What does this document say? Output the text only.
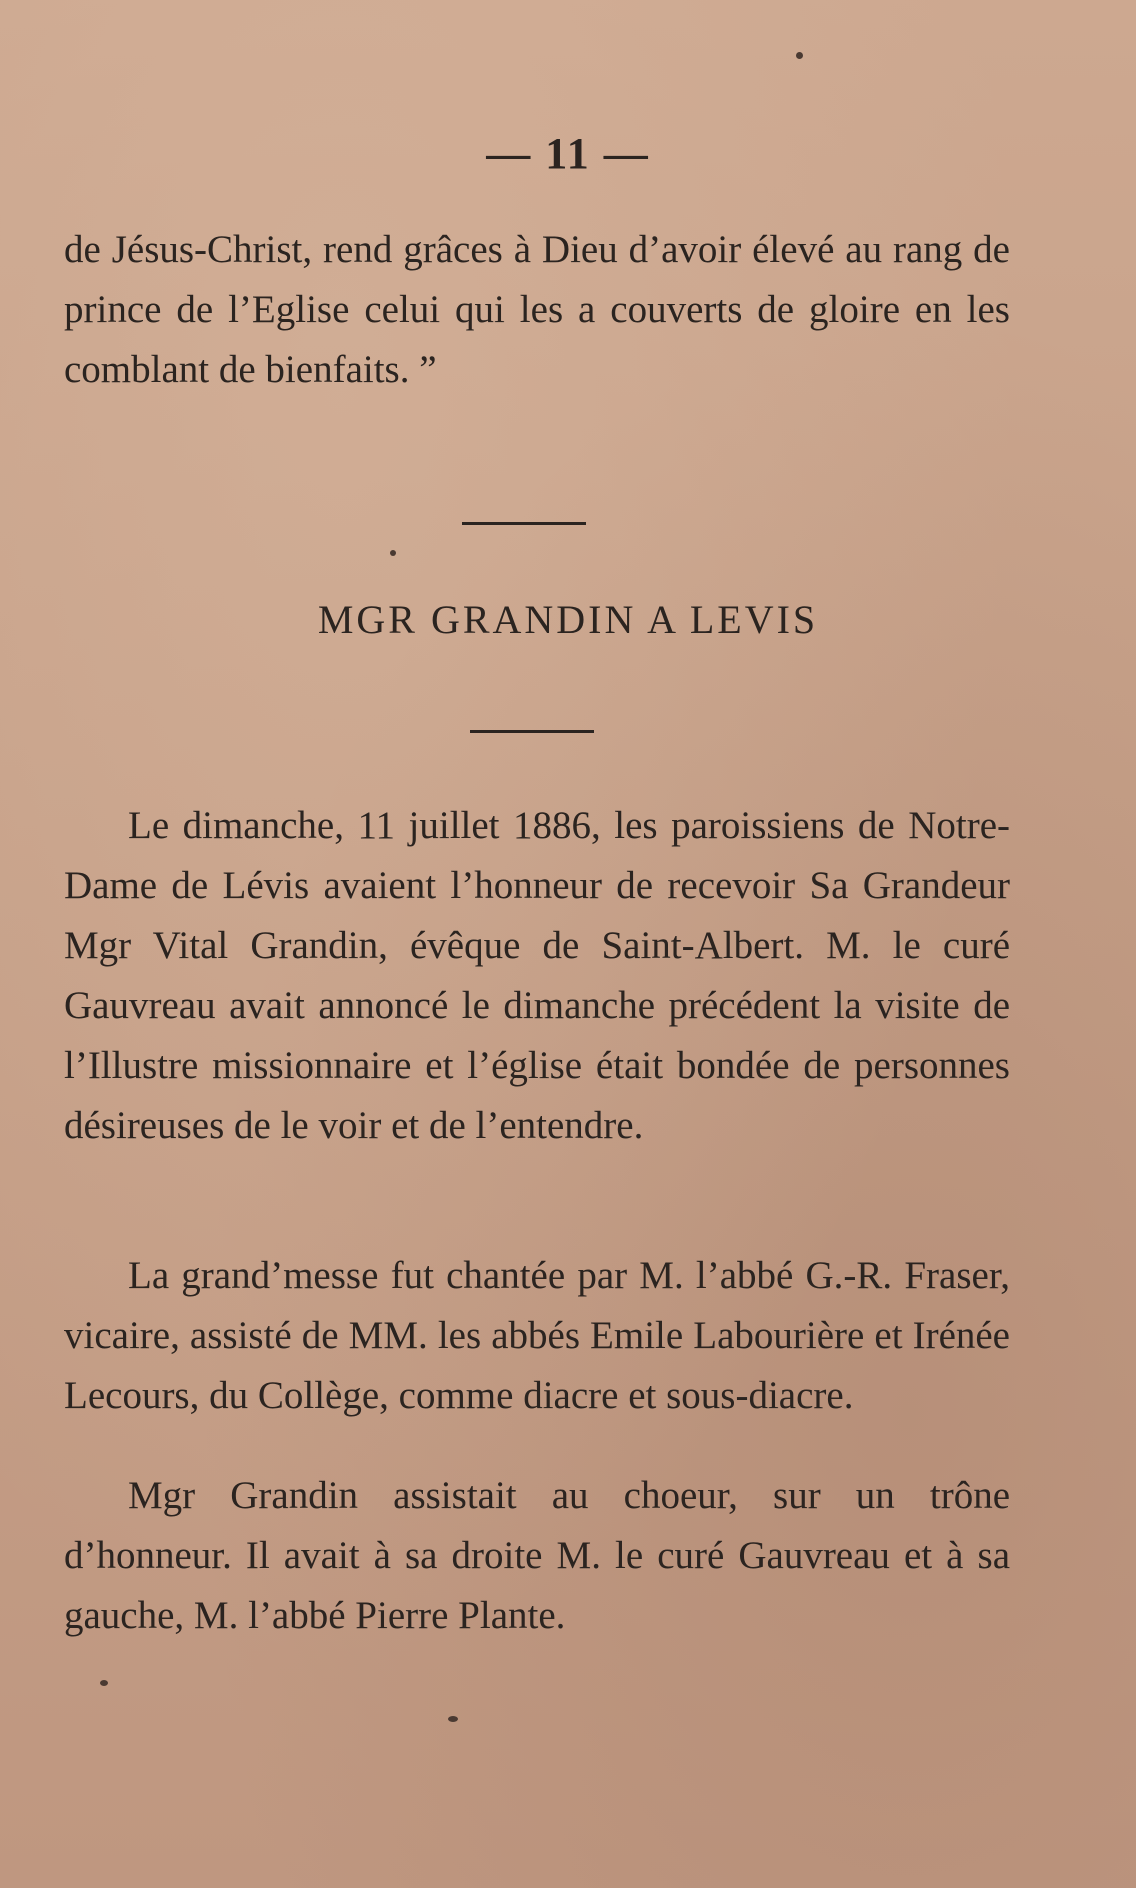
— 11 —

de Jésus-Christ, rend grâces à Dieu d’avoir élevé au rang de prince de l’Eglise celui qui les a couverts de gloire en les comblant de bienfaits. ”

MGR GRANDIN A LEVIS

Le dimanche, 11 juillet 1886, les paroissiens de Notre-Dame de Lévis avaient l’honneur de recevoir Sa Grandeur Mgr Vital Grandin, évêque de Saint-Albert. M. le curé Gauvreau avait annoncé le dimanche précédent la visite de l’Illustre missionnaire et l’église était bondée de personnes désireuses de le voir et de l’entendre.

La grand’messe fut chantée par M. l’abbé G.-R. Fraser, vicaire, assisté de MM. les abbés Emile Labourière et Irénée Lecours, du Collège, comme diacre et sous-diacre.

Mgr Grandin assistait au choeur, sur un trône d’honneur. Il avait à sa droite M. le curé Gauvreau et à sa gauche, M. l’abbé Pierre Plante.
